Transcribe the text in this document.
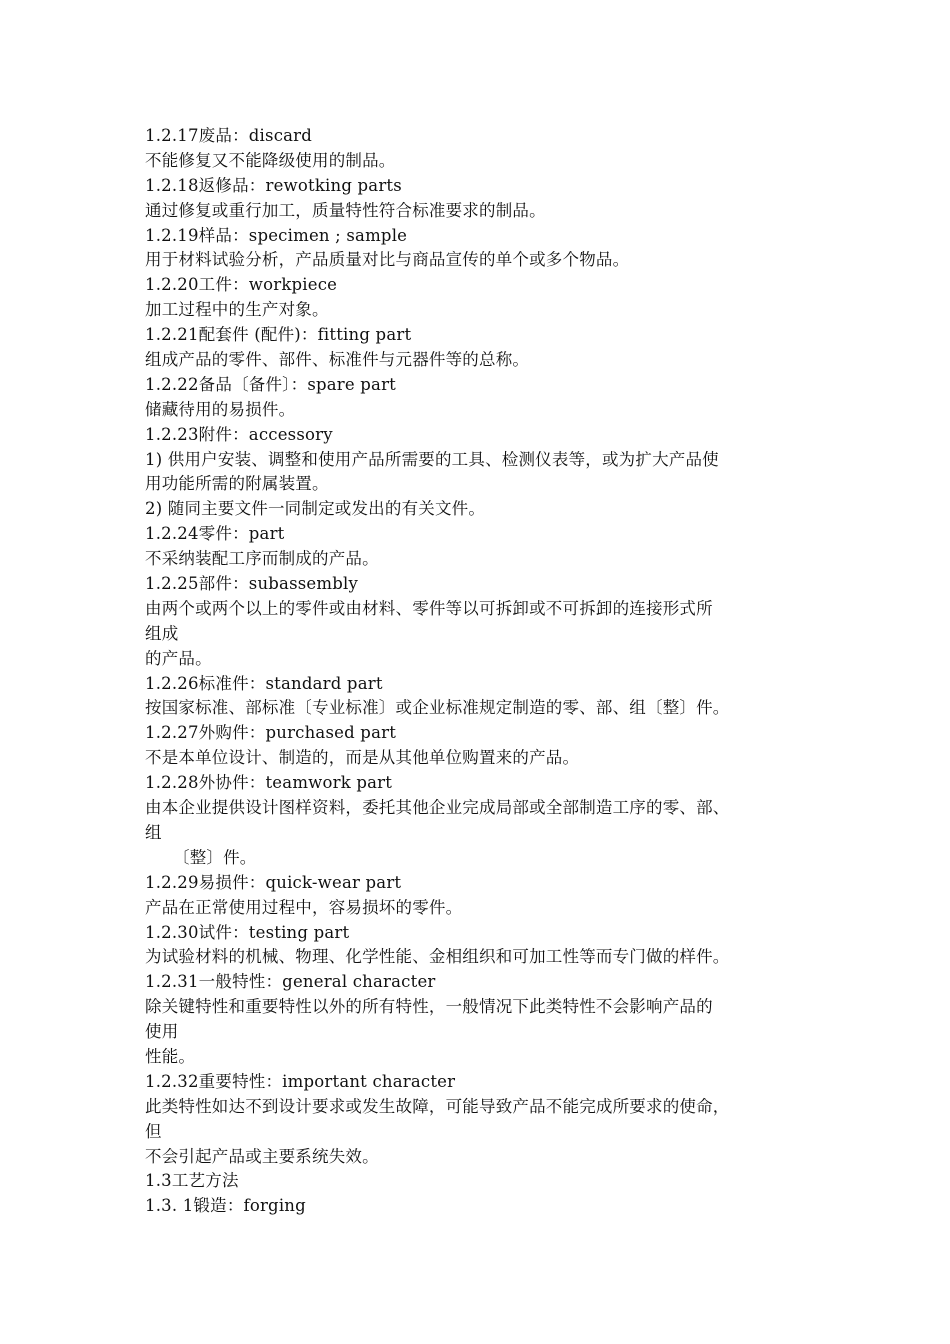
1.2.17废品：discard
不能修复又不能降级使用的制品。
1.2.18返修品：rewotking parts
通过修复或重行加工，质量特性符合标准要求的制品。
1.2.19样品：specimen ; sample
用于材料试验分析，产品质量对比与商品宣传的单个或多个物品。
1.2.20工件：workpiece
加工过程中的生产对象。
1.2.21配套件 (配件)：fitting part
组成产品的零件、部件、标准件与元器件等的总称。
1.2.22备品〔备件〕：spare part
储藏待用的易损件。
1.2.23附件：accessory
1) 供用户安装、调整和使用产品所需要的工具、检测仪表等，或为扩大产品使
用功能所需的附属装置。
2) 随同主要文件一同制定或发出的有关文件。
1.2.24零件：part
不采纳装配工序而制成的产品。
1.2.25部件：subassembly
由两个或两个以上的零件或由材料、零件等以可拆卸或不可拆卸的连接形式所
组成
的产品。
1.2.26标准件：standard part
按国家标准、部标准〔专业标准〕或企业标准规定制造的零、部、组〔整〕件。
1.2.27外购件：purchased part
不是本单位设计、制造的，而是从其他单位购置来的产品。
1.2.28外协件：teamwork part
由本企业提供设计图样资料，委托其他企业完成局部或全部制造工序的零、部、
组
〔整〕件。
1.2.29易损件：quick-wear part
产品在正常使用过程中，容易损坏的零件。
1.2.30试件：testing part
为试验材料的机械、物理、化学性能、金相组织和可加工性等而专门做的样件。
1.2.31一般特性：general character
除关键特性和重要特性以外的所有特性，一般情况下此类特性不会影响产品的
使用
性能。
1.2.32重要特性：important character
此类特性如达不到设计要求或发生故障，可能导致产品不能完成所要求的使命，
但
不会引起产品或主要系统失效。
1.3工艺方法
1.3. 1锻造：forging
